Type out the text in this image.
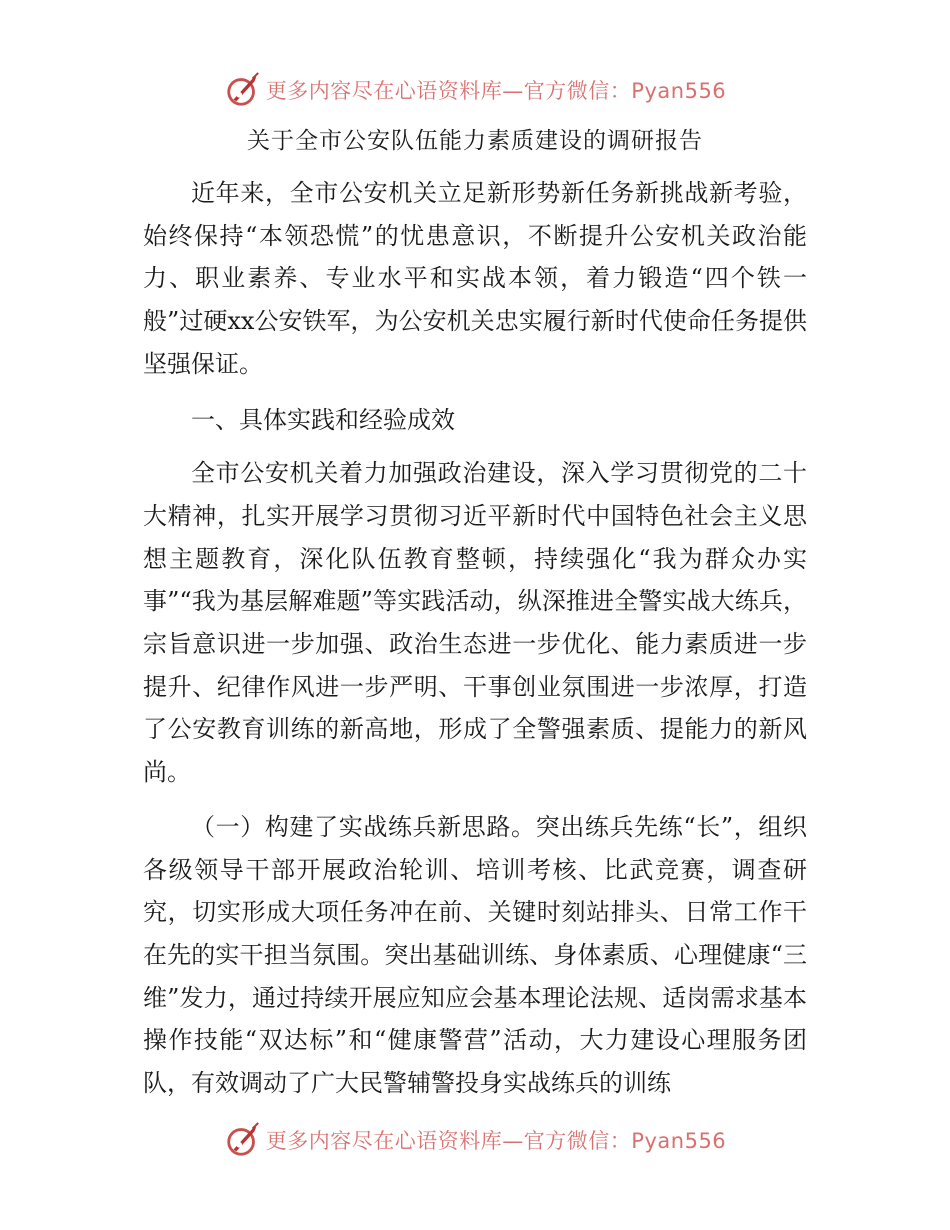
更多内容尽在心语资料库—官方微信：Pyan556
关于全市公安队伍能力素质建设的调研报告

近年来，全市公安机关立足新形势新任务新挑战新考验，始终保持“本领恐慌”的忧患意识，不断提升公安机关政治能力、职业素养、专业水平和实战本领，着力锻造“四个铁一般”过硬xx公安铁军，为公安机关忠实履行新时代使命任务提供坚强保证。

一、具体实践和经验成效

全市公安机关着力加强政治建设，深入学习贯彻党的二十大精神，扎实开展学习贯彻习近平新时代中国特色社会主义思想主题教育，深化队伍教育整顿，持续强化“我为群众办实事”“我为基层解难题”等实践活动，纵深推进全警实战大练兵，宗旨意识进一步加强、政治生态进一步优化、能力素质进一步提升、纪律作风进一步严明、干事创业氛围进一步浓厚，打造了公安教育训练的新高地，形成了全警强素质、提能力的新风尚。

（一）构建了实战练兵新思路。突出练兵先练“长”，组织各级领导干部开展政治轮训、培训考核、比武竞赛，调查研究，切实形成大项任务冲在前、关键时刻站排头、日常工作干在先的实干担当氛围。突出基础训练、身体素质、心理健康“三维”发力，通过持续开展应知应会基本理论法规、适岗需求基本操作技能“双达标”和“健康警营”活动，大力建设心理服务团队，有效调动了广大民警辅警投身实战练兵的训练

更多内容尽在心语资料库—官方微信：Pyan556
